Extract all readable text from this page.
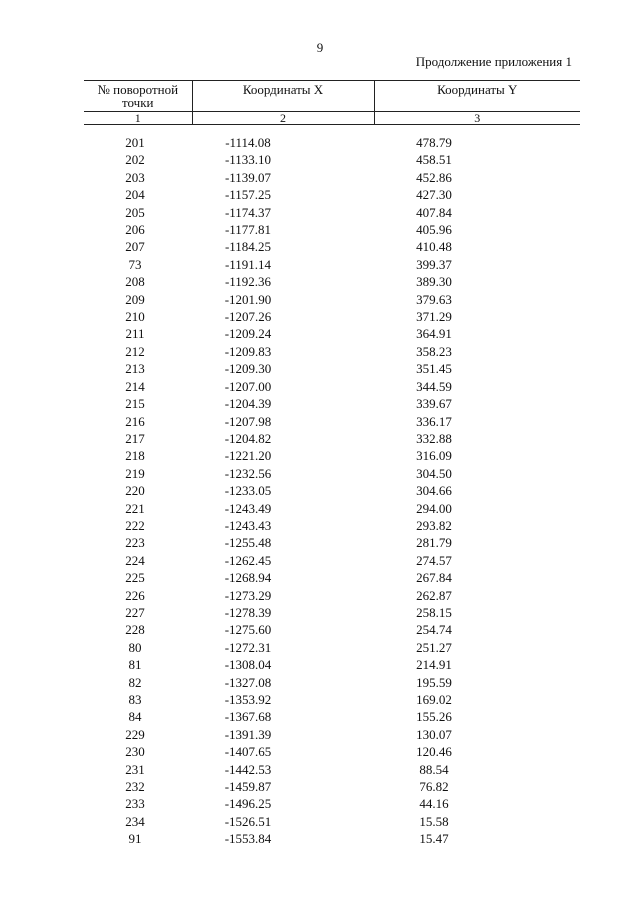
9
Продолжение приложения 1
№ поворотной точки	Координаты X	Координаты Y
1	2	3

201	-1114.08	478.79
202	-1133.10	458.51
203	-1139.07	452.86
204	-1157.25	427.30
205	-1174.37	407.84
206	-1177.81	405.96
207	-1184.25	410.48
73	-1191.14	399.37
208	-1192.36	389.30
209	-1201.90	379.63
210	-1207.26	371.29
211	-1209.24	364.91
212	-1209.83	358.23
213	-1209.30	351.45
214	-1207.00	344.59
215	-1204.39	339.67
216	-1207.98	336.17
217	-1204.82	332.88
218	-1221.20	316.09
219	-1232.56	304.50
220	-1233.05	304.66
221	-1243.49	294.00
222	-1243.43	293.82
223	-1255.48	281.79
224	-1262.45	274.57
225	-1268.94	267.84
226	-1273.29	262.87
227	-1278.39	258.15
228	-1275.60	254.74
80	-1272.31	251.27
81	-1308.04	214.91
82	-1327.08	195.59
83	-1353.92	169.02
84	-1367.68	155.26
229	-1391.39	130.07
230	-1407.65	120.46
231	-1442.53	88.54
232	-1459.87	76.82
233	-1496.25	44.16
234	-1526.51	15.58
91	-1553.84	15.47
